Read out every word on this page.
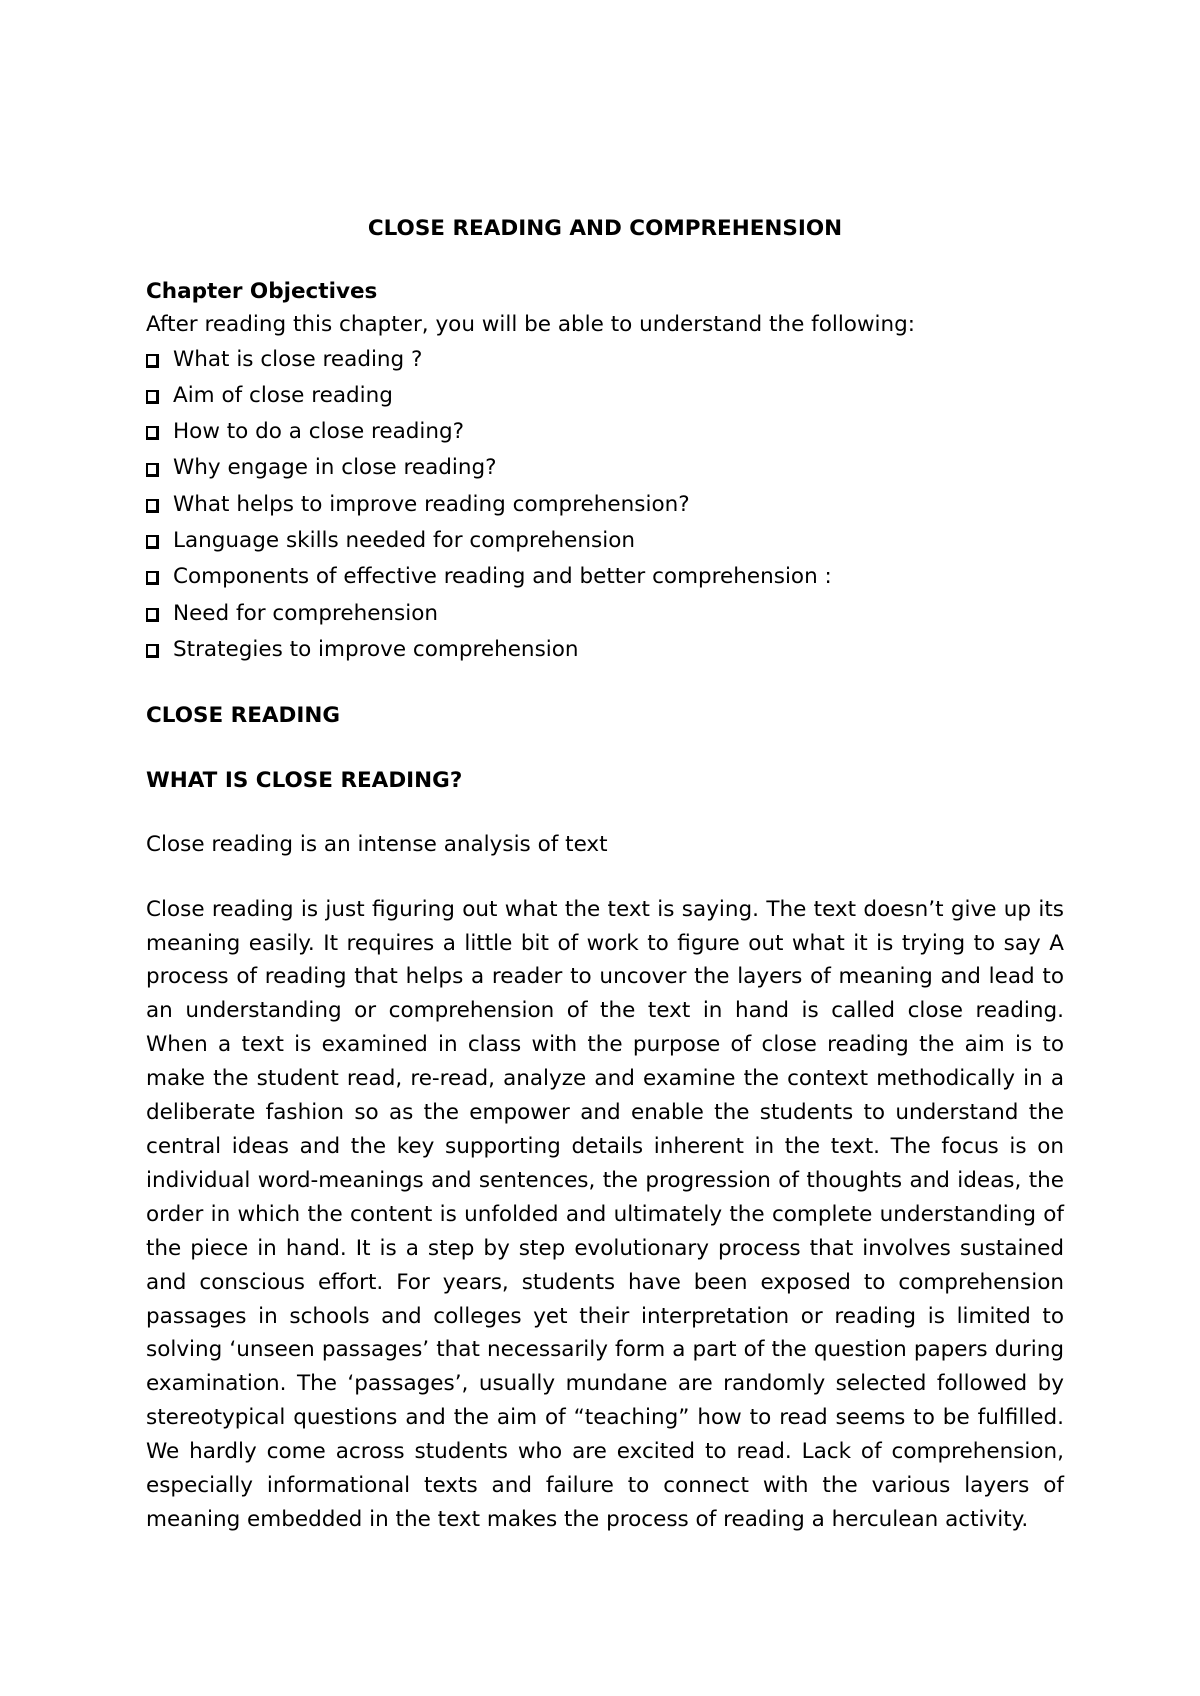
CLOSE READING AND COMPREHENSION
Chapter Objectives
After reading this chapter, you will be able to understand the following:
What is close reading ?
Aim of close reading
How to do a close reading?
Why engage in close reading?
What helps to improve reading comprehension?
Language skills needed for comprehension
Components of effective reading and better comprehension :
Need for comprehension
Strategies to improve comprehension
CLOSE READING
WHAT IS CLOSE READING?
Close reading is an intense analysis of text
Close reading is just figuring out what the text is saying. The text doesn’t give up its meaning easily. It requires a little bit of work to figure out what it is trying to say A process of reading that helps a reader to uncover the layers of meaning and lead to an understanding or comprehension of the text in hand is called close reading. When a text is examined in class with the purpose of close reading the aim is to make the student read, re-read, analyze and examine the context methodically in a deliberate fashion so as the empower and enable the students to understand the central ideas and the key supporting details inherent in the text. The focus is on individual word-meanings and sentences, the progression of thoughts and ideas, the order in which the content is unfolded and ultimately the complete understanding of the piece in hand. It is a step by step evolutionary process that involves sustained and conscious effort. For years, students have been exposed to comprehension passages in schools and colleges yet their interpretation or reading is limited to solving ‘unseen passages’ that necessarily form a part of the question papers during examination. The ‘passages’, usually mundane are randomly selected followed by stereotypical questions and the aim of “teaching” how to read seems to be fulfilled. We hardly come across students who are excited to read. Lack of comprehension, especially informational texts and failure to connect with the various layers of meaning embedded in the text makes the process of reading a herculean activity.
